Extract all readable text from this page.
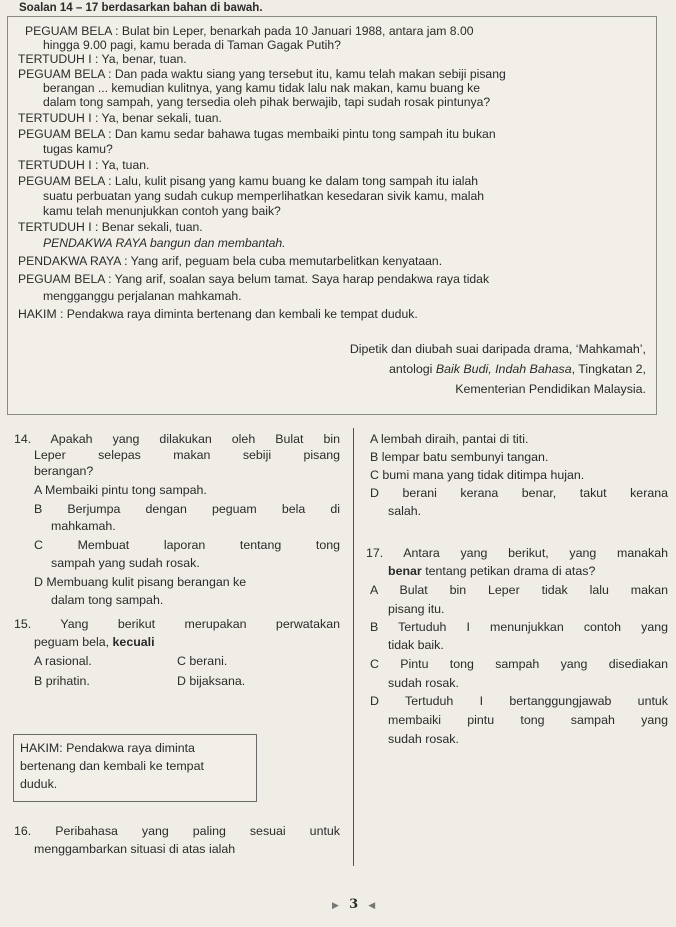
Soalan 14 – 17 berdasarkan bahan di bawah.
PEGUAM BELA : Bulat bin Leper, benarkah pada 10 Januari 1988, antara jam 8.00
hingga 9.00 pagi, kamu berada di Taman Gagak Putih?
TERTUDUH I : Ya, benar, tuan.
PEGUAM BELA : Dan pada waktu siang yang tersebut itu, kamu telah makan sebiji pisang
berangan ... kemudian kulitnya, yang kamu tidak lalu nak makan, kamu buang ke
dalam tong sampah, yang tersedia oleh pihak berwajib, tapi sudah rosak pintunya?
TERTUDUH I : Ya, benar sekali, tuan.
PEGUAM BELA : Dan kamu sedar bahawa tugas membaiki pintu tong sampah itu bukan
tugas kamu?
TERTUDUH I : Ya, tuan.
PEGUAM BELA : Lalu, kulit pisang yang kamu buang ke dalam tong sampah itu ialah
suatu perbuatan yang sudah cukup memperlihatkan kesedaran sivik kamu, malah
kamu telah menunjukkan contoh yang baik?
TERTUDUH I : Benar sekali, tuan.
PENDAKWA RAYA bangun dan membantah.
PENDAKWA RAYA : Yang arif, peguam bela cuba memutarbelitkan kenyataan.
PEGUAM BELA : Yang arif, soalan saya belum tamat. Saya harap pendakwa raya tidak
mengganggu perjalanan mahkamah.
HAKIM : Pendakwa raya diminta bertenang dan kembali ke tempat duduk.
Dipetik dan diubah suai daripada drama, ‘Mahkamah’,
antologi Baik Budi, Indah Bahasa, Tingkatan 2,
Kementerian Pendidikan Malaysia.
14. Apakah yang dilakukan oleh Bulat bin
Leper selepas makan sebiji pisang
berangan?
A Membaiki pintu tong sampah.
B Berjumpa dengan peguam bela di
mahkamah.
C Membuat laporan tentang tong
sampah yang sudah rosak.
D Membuang kulit pisang berangan ke
dalam tong sampah.
15. Yang berikut merupakan perwatakan
peguam bela, kecuali
A rasional.	C berani.
B prihatin.	D bijaksana.
16. Peribahasa yang paling sesuai untuk
menggambarkan situasi di atas ialah
HAKIM: Pendakwa raya diminta
bertenang dan kembali ke tempat
duduk.
A lembah diraih, pantai di titi.
B lempar batu sembunyi tangan.
C bumi mana yang tidak ditimpa hujan.
D berani kerana benar, takut kerana
salah.
17. Antara yang berikut, yang manakah
benar tentang petikan drama di atas?
A Bulat bin Leper tidak lalu makan
pisang itu.
B Tertuduh I menunjukkan contoh yang
tidak baik.
C Pintu tong sampah yang disediakan
sudah rosak.
D Tertuduh I bertanggungjawab untuk
membaiki pintu tong sampah yang
sudah rosak.
▶ 3 ◀
